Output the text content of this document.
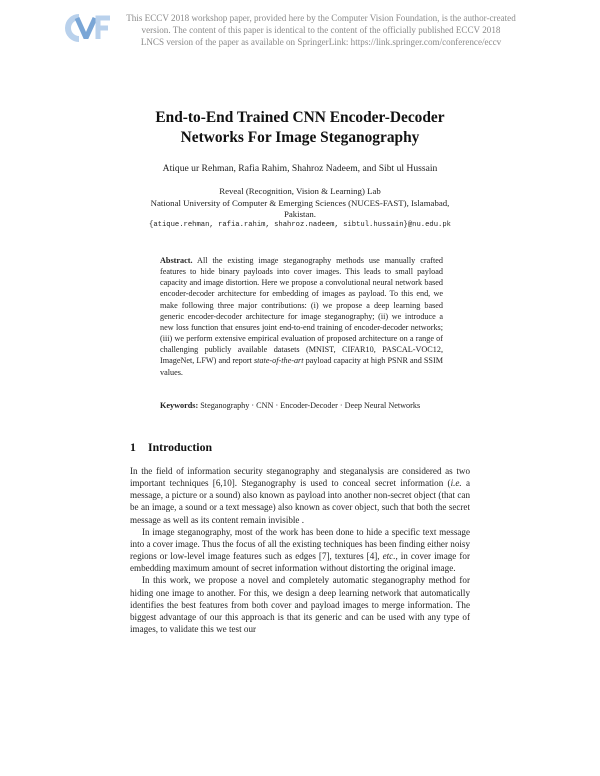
CVF
This ECCV 2018 workshop paper, provided here by the Computer Vision Foundation, is the author-created
version. The content of this paper is identical to the content of the officially published ECCV 2018
LNCS version of the paper as available on SpringerLink: https://link.springer.com/conference/eccv
End-to-End Trained CNN Encoder-Decoder
Networks For Image Steganography
Atique ur Rehman, Rafia Rahim, Shahroz Nadeem, and Sibt ul Hussain
Reveal (Recognition, Vision & Learning) Lab
National University of Computer & Emerging Sciences (NUCES-FAST), Islamabad,
Pakistan.
{atique.rehman, rafia.rahim, shahroz.nadeem, sibtul.hussain}@nu.edu.pk
Abstract. All the existing image steganography methods use manually crafted features to hide binary payloads into cover images. This leads to small payload capacity and image distortion. Here we propose a convolutional neural network based encoder-decoder architecture for embedding of images as payload. To this end, we make following three major contributions: (i) we propose a deep learning based generic encoder-decoder architecture for image steganography; (ii) we introduce a new loss function that ensures joint end-to-end training of encoder-decoder networks; (iii) we perform extensive empirical evaluation of proposed architecture on a range of challenging publicly available datasets (MNIST, CIFAR10, PASCAL-VOC12, ImageNet, LFW) and report state-of-the-art payload capacity at high PSNR and SSIM values.
Keywords: Steganography · CNN · Encoder-Decoder · Deep Neural Networks
1 Introduction

In the field of information security steganography and steganalysis are considered as two important techniques [6,10]. Steganography is used to conceal secret information (i.e. a message, a picture or a sound) also known as payload into another non-secret object (that can be an image, a sound or a text message) also known as cover object, such that both the secret message as well as its content remain invisible .

In image steganography, most of the work has been done to hide a specific text message into a cover image. Thus the focus of all the existing techniques has been finding either noisy regions or low-level image features such as edges [7], textures [4], etc., in cover image for embedding maximum amount of secret information without distorting the original image.

In this work, we propose a novel and completely automatic steganography method for hiding one image to another. For this, we design a deep learning network that automatically identifies the best features from both cover and payload images to merge information. The biggest advantage of our this approach is that its generic and can be used with any type of images, to validate this we test our
